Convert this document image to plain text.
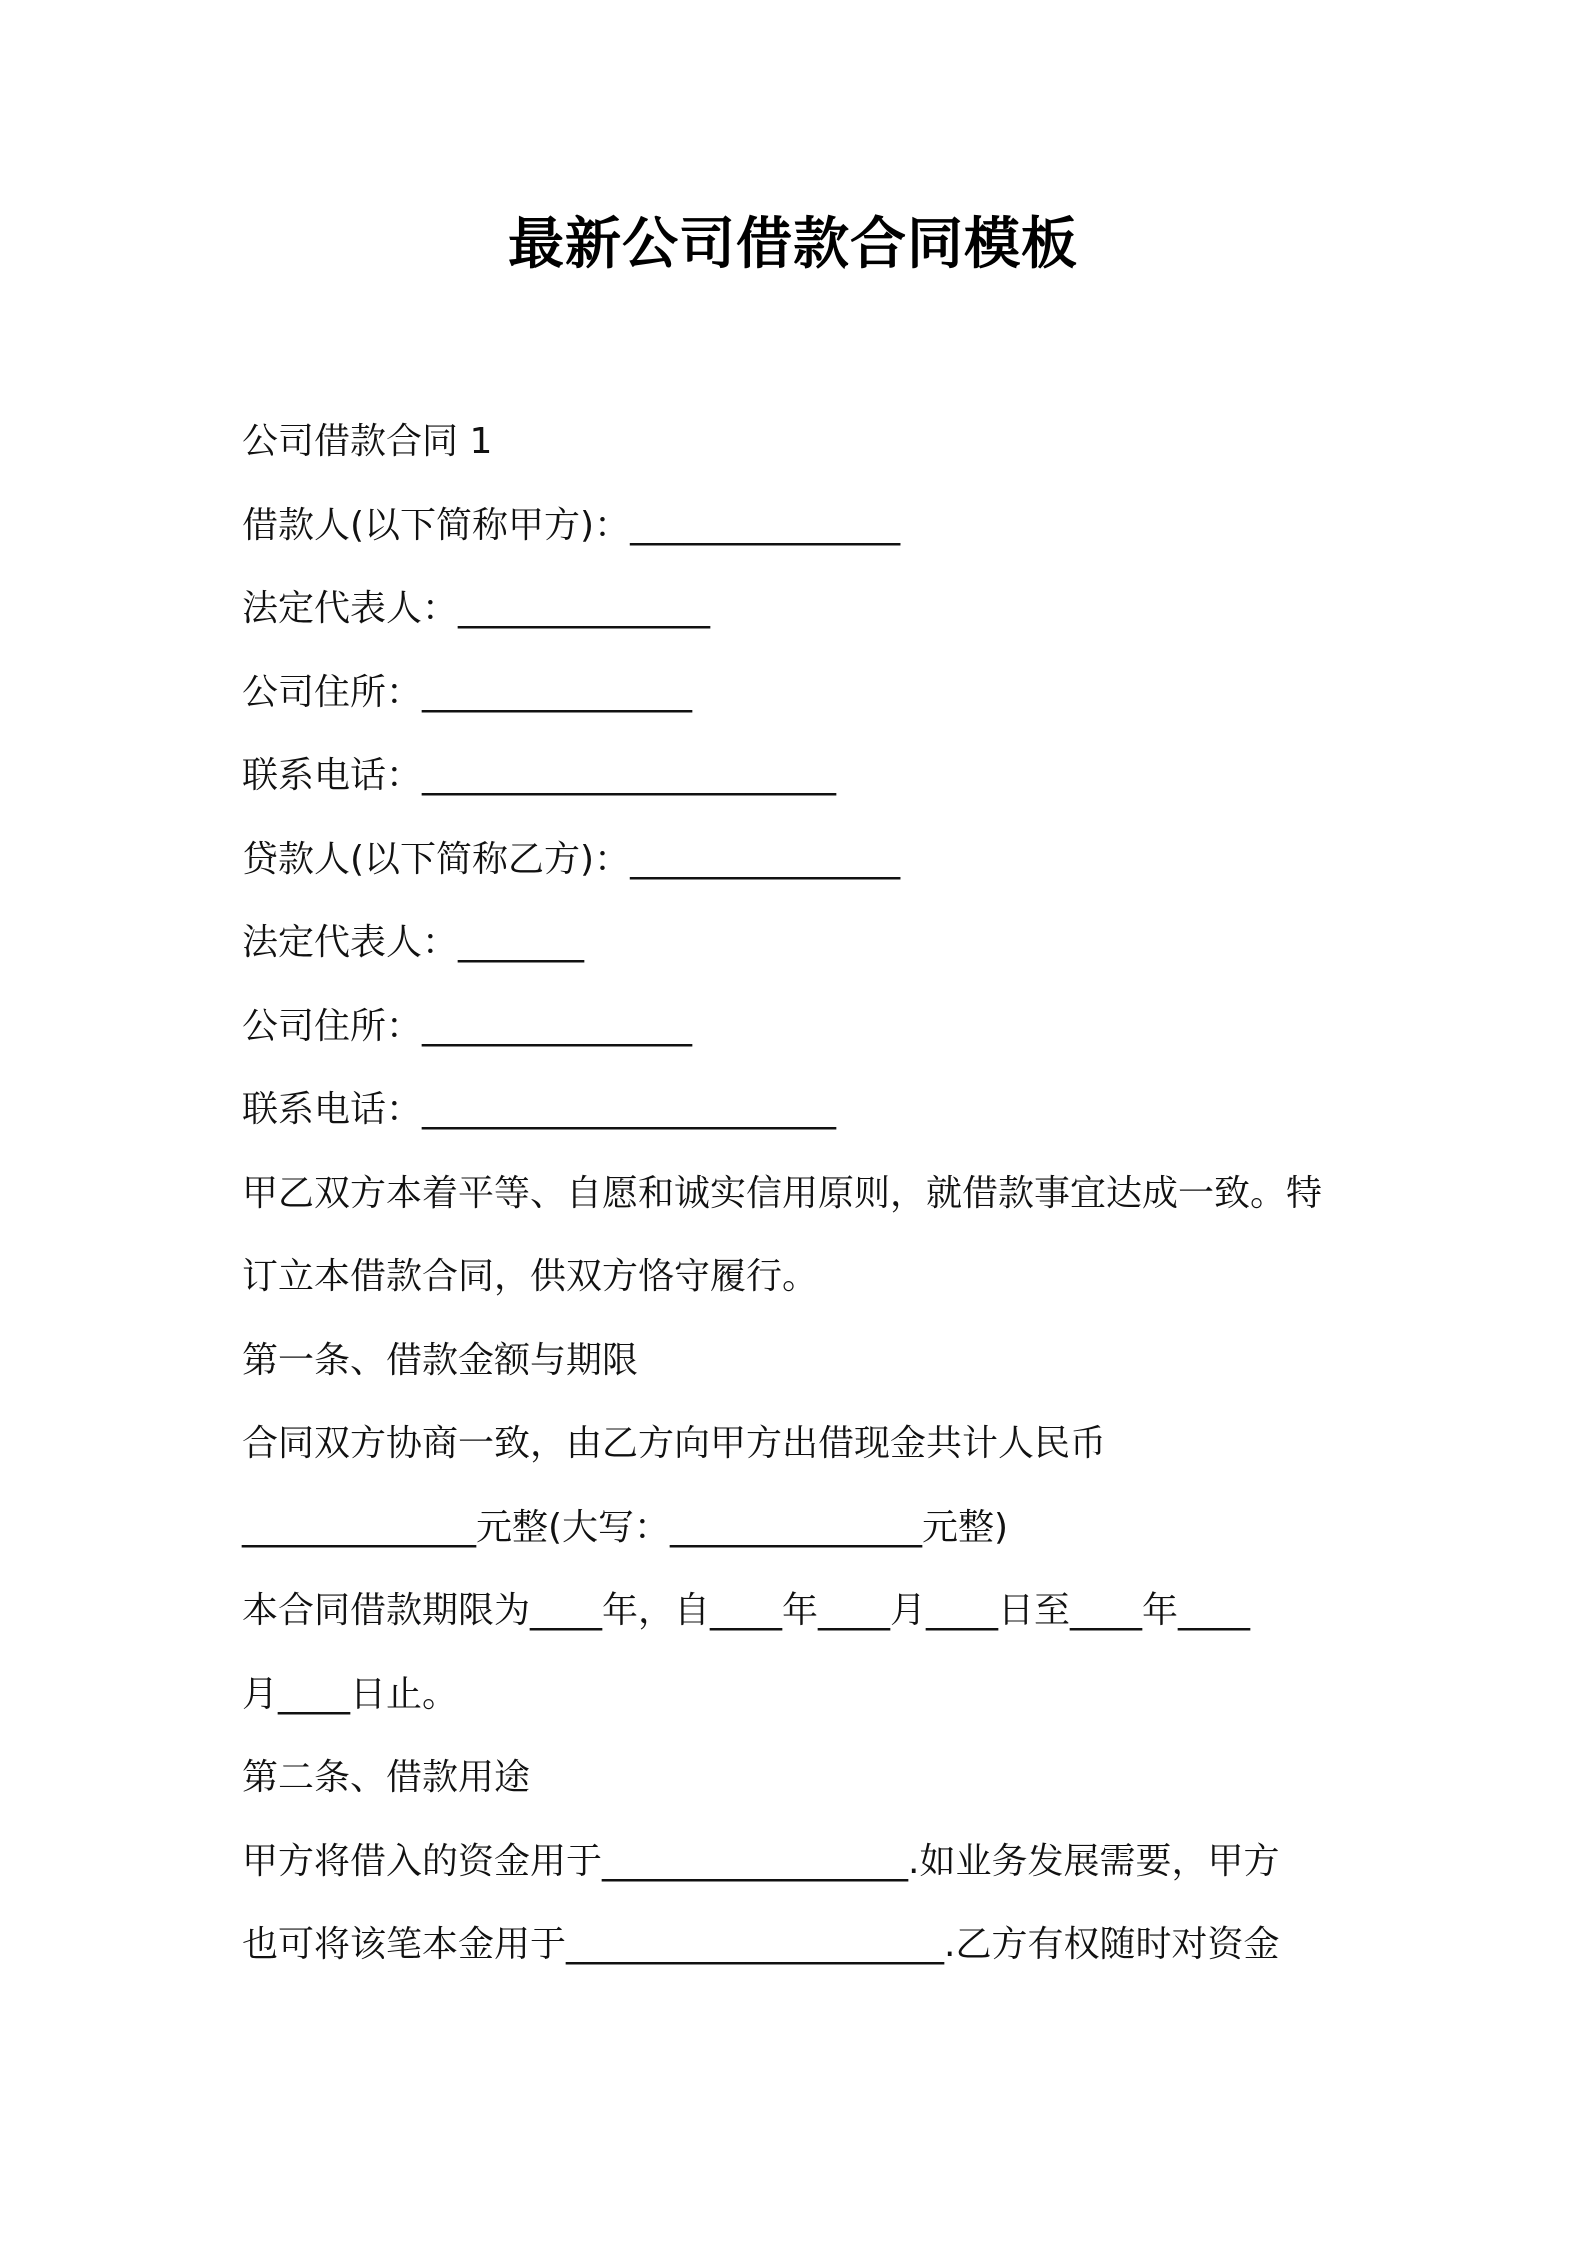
最新公司借款合同模板
公司借款合同 1
借款人(以下简称甲方)：_______________
法定代表人：______________
公司住所：_______________
联系电话：_______________________
贷款人(以下简称乙方)：_______________
法定代表人：_______
公司住所：_______________
联系电话：_______________________
甲乙双方本着平等、自愿和诚实信用原则，就借款事宜达成一致。特
订立本借款合同，供双方恪守履行。
第一条、借款金额与期限
合同双方协商一致，由乙方向甲方出借现金共计人民币
_____________元整(大写：______________元整)
本合同借款期限为____年，自____年____月____日至____年____
月____日止。
第二条、借款用途
甲方将借入的资金用于_________________.如业务发展需要，甲方
也可将该笔本金用于_____________________.乙方有权随时对资金
